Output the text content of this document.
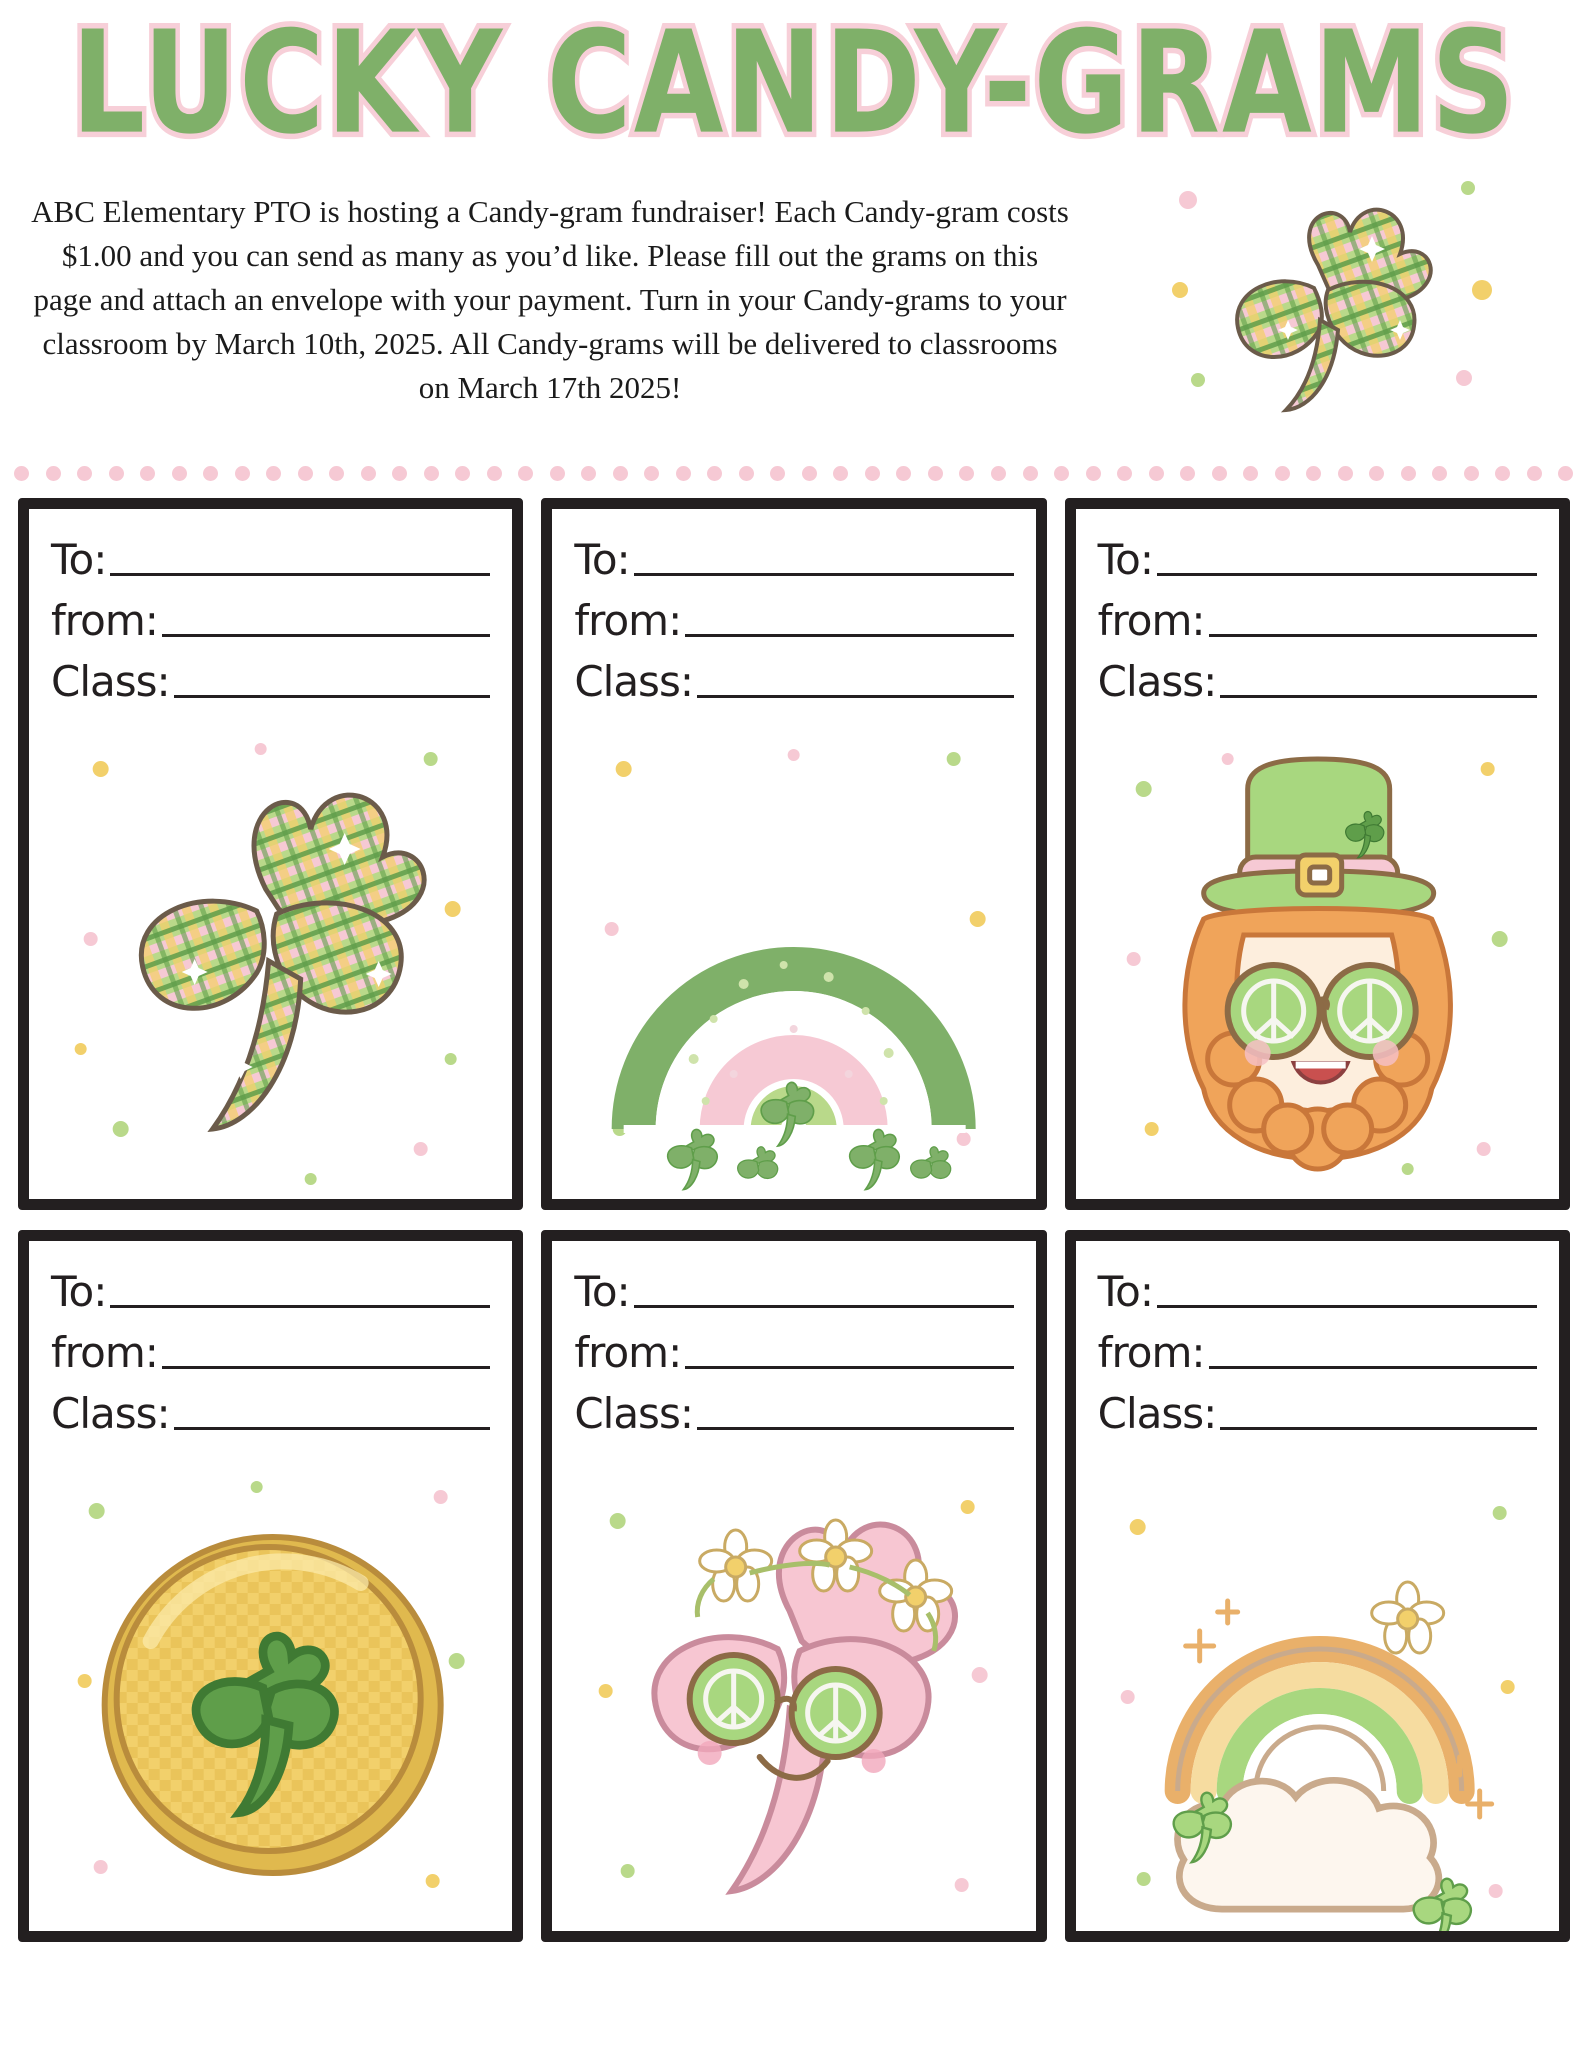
LUCKY CANDY-GRAMS
ABC Elementary PTO is hosting a Candy-gram fundraiser! Each Candy-gram costs $1.00 and you can send as many as you’d like. Please fill out the grams on this page and attach an envelope with your payment. Turn in your Candy-grams to your classroom by March 10th, 2025. All Candy-grams will be delivered to classrooms on March 17th 2025!
To:
from:
Class:
To:
from:
Class:
To:
from:
Class:
To:
from:
Class:
To:
from:
Class:
To:
from:
Class:
